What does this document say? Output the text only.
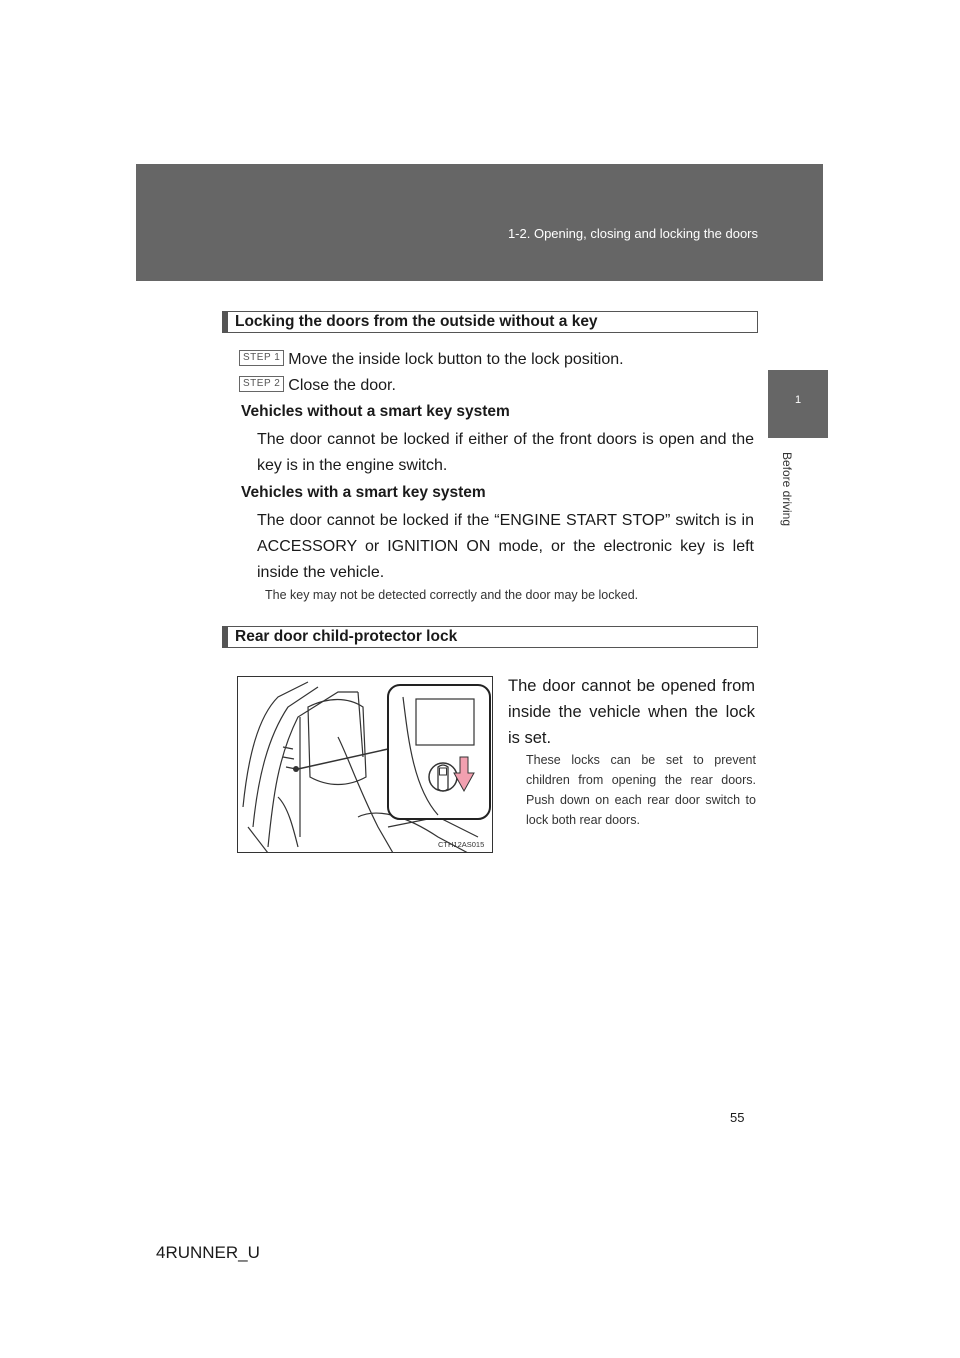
1-2. Opening, closing and locking the doors
1
Before driving
Locking the doors from the outside without a key
STEP 1 Move the inside lock button to the lock position.
STEP 2 Close the door.
Vehicles without a smart key system
The door cannot be locked if either of the front doors is open and the key is in the engine switch.
Vehicles with a smart key system
The door cannot be locked if the “ENGINE START STOP” switch is in ACCESSORY or IGNITION ON mode, or the electronic key is left inside the vehicle.
The key may not be detected correctly and the door may be locked.
Rear door child-protector lock
CTH12AS015
The door cannot be opened from inside the vehicle when the lock is set.
These locks can be set to prevent children from opening the rear doors. Push down on each rear door switch to lock both rear doors.
55
4RUNNER_U
